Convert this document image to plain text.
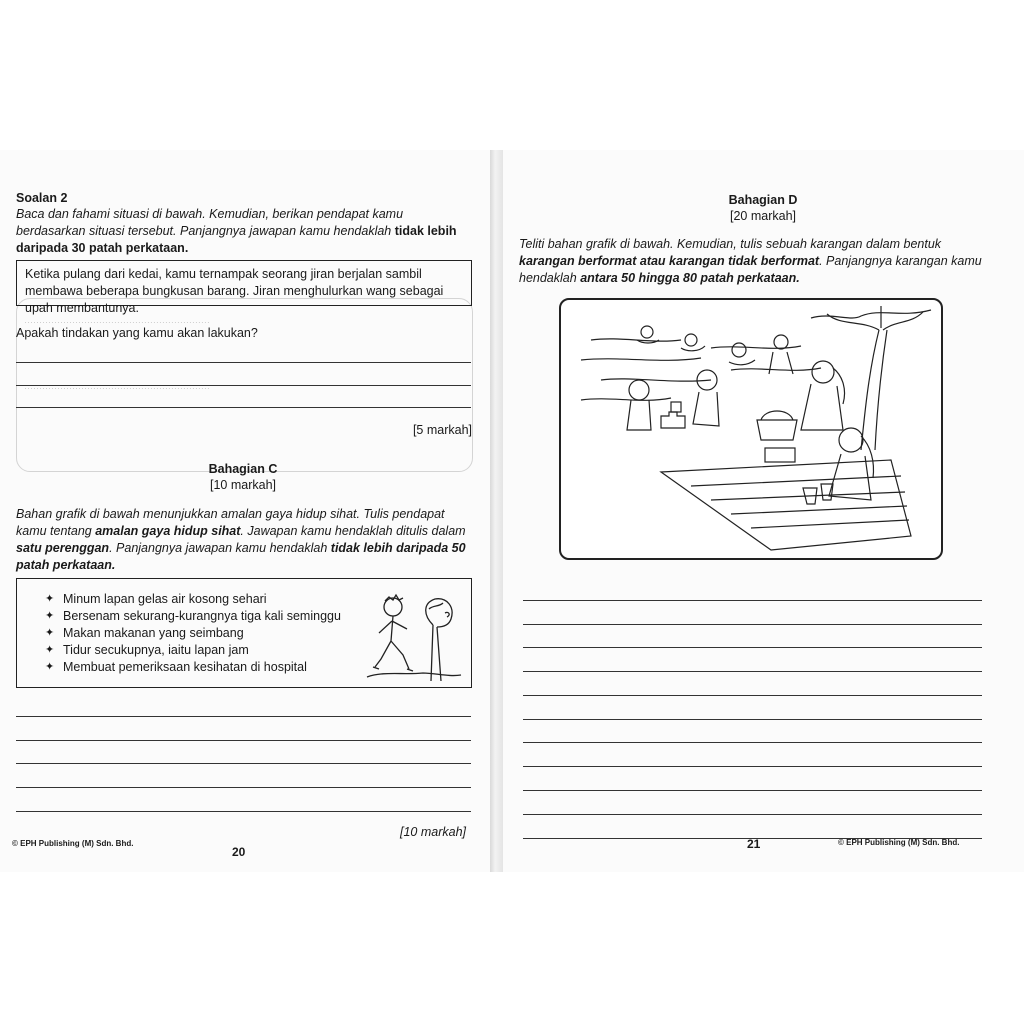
······························································
······························································
Soalan 2
Baca dan fahami situasi di bawah. Kemudian, berikan pendapat kamu berdasarkan situasi tersebut. Panjangnya jawapan kamu hendaklah tidak lebih daripada 30 patah perkataan.
Ketika pulang dari kedai, kamu ternampak seorang jiran berjalan sambil membawa beberapa bungkusan barang. Jiran menghulurkan wang sebagai upah membantunya.
Apakah tindakan yang kamu akan lakukan?
[5 markah]
Bahagian C
[10 markah]
Bahan grafik di bawah menunjukkan amalan gaya hidup sihat. Tulis pendapat kamu tentang amalan gaya hidup sihat. Jawapan kamu hendaklah ditulis dalam satu perenggan. Panjangnya jawapan kamu hendaklah tidak lebih daripada 50 patah perkataan.
✦ Minum lapan gelas air kosong sehari
✦ Bersenam sekurang-kurangnya tiga kali seminggu
✦ Makan makanan yang seimbang
✦ Tidur secukupnya, iaitu lapan jam
✦ Membuat pemeriksaan kesihatan di hospital
[10 markah]
© EPH Publishing (M) Sdn. Bhd.
20
Bahagian D
[20 markah]
Teliti bahan grafik di bawah. Kemudian, tulis sebuah karangan dalam bentuk karangan berformat atau karangan tidak berformat. Panjangnya karangan kamu hendaklah antara 50 hingga 80 patah perkataan.
21	© EPH Publishing (M) Sdn. Bhd.
